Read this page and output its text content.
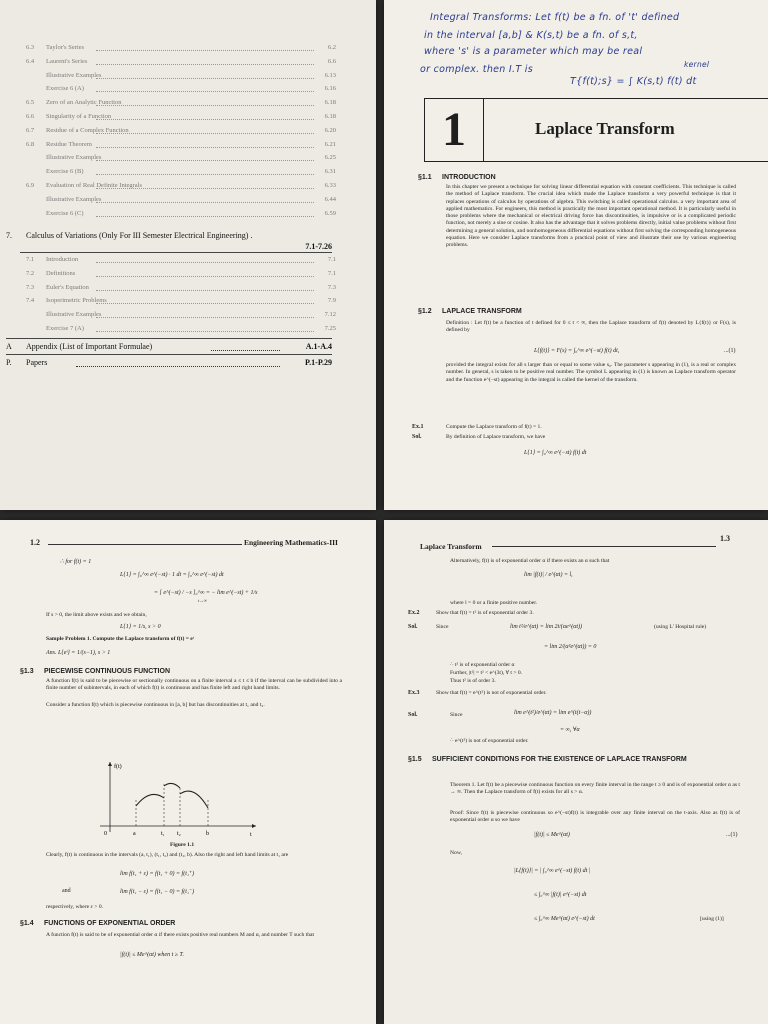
6.3 Taylor's Series	6.2
6.4 Laurent's Series	6.6
Illustrative Examples	6.13
Exercise 6 (A)	6.16
6.5 Zero of an Analytic Function	6.18
6.6 Singularity of a Function	6.18
6.7 Residue of a Complex Function	6.20
6.8 Residue Theorem	6.21
Illustrative Examples	6.25
Exercise 6 (B)	6.31
6.9 Evaluation of Real Definite Integrals	6.33
Illustrative Examples	6.44
Exercise 6 (C)	6.59
7. Calculus of Variations (Only For III Semester Electrical Engineering) .
7.1-7.26
7.1 Introduction	7.1
7.2 Definitions	7.1
7.3 Euler's Equation	7.3
7.4 Isoperimetric Problems	7.9
Illustrative Examples	7.12
Exercise 7 (A)	7.25
A Appendix (List of Important Formulae)	A.1-A.4
P. Papers	P.1-P.29
Integral Transforms: Let f(t) be a fn. of 't' defined
in the interval [a,b] & K(s,t) be a fn. of s,t,
where 's' is a parameter which may be real
or complex. then I.T is	kernel
T{f(t);s} = ∫ K(s,t) f(t) dt
1	Laplace Transform
§1.1 INTRODUCTION
In this chapter we present a technique for solving linear differential equation with constant coefficients. This technique is called the method of Laplace transform. The crucial idea which made the Laplace transform a very powerful technique is that it replaces operations of calculus by operations of algebra. This switching is called operational calculus. a very important area of applied mathematics. For engineers, this method is practically the most important operational method. It is particularly useful in those problems where the mechanical or electrical driving force has discontinuities, is impulsive or is a complicated periodic function, not merely a sine or cosine. It also has the advantage that it solves problems directly, initial value problems without first determining a general solution, and nonhomogeneous differential equations without first solving the corresponding homogeneous equation. Here we consider Laplace transforms from a practical point of view and illustrate their use by various engineering problems.
§1.2 LAPLACE TRANSFORM
Definition : Let f(t) be a function of t defined for 0 ≤ t < ∞, then the Laplace transform of f(t) denoted by L{f(t)} or F(s), is defined by
L{f(t)} = F(s) = ∫₀^∞ e^(−st) f(t) dt,	...(1)
provided the integral exists for all s larger than or equal to some value s₀. The parameter s appearing in (1), is a real or complex number. In general, s is taken to be positive real number. The symbol L appearing in (1) is known as Laplace transform operator and the function e^(−st) appearing in the integral is called the kernel of the transform.
Ex.1	Compute the Laplace transform of f(t) = 1.
Sol.	By definition of Laplace transform, we have
L{1} = ∫₀^∞ e^(−st) f(t) dt
1.2	Engineering Mathematics-III
∴ for f(t) = 1
L{1} = ∫₀^∞ e^(−st) · 1 dt = ∫₀^∞ e^(−st) dt
= [ e^(−st) / −s ]₀^∞ = − lim e^(−st) + 1/s
t→∞
If s > 0, the limit above exists and we obtain,
L{1} = 1/s, s > 0
Sample Problem 1. Compute the Laplace transform of f(t) = eᵗ
Ans. L{eᵗ} = 1/(s−1), s > 1
§1.3 PIECEWISE CONTINUOUS FUNCTION
A function f(t) is said to be piecewise or sectionally continuous on a finite interval a ≤ t ≤ b if the interval can be subdivided into a finite number of subintervals, in each of which f(t) is continuous and has finite left and right hand limits.
Consider a function f(t) which is piecewise continuous in [a, b] but has discontinuities at t₁ and t₂.
f(t)
0	a	t₁ t₂	b	t
Figure 1.1
Clearly, f(t) is continuous in the intervals (a, t₁), (t₁, t₂) and (t₂, b). Also the right and left hand limits at t₁ are
lim f(t₁ + ε) = f(t₁ + 0) = f(t₁⁺)
and	lim f(t₁ − ε) = f(t₁ − 0) = f(t₁⁻)
respectively, where ε > 0.
§1.4 FUNCTIONS OF EXPONENTIAL ORDER
A function f(t) is said to be of exponential order α if there exists positive real numbers M and α, and number T such that
|f(t)| ≤ Me^(αt) when t ≥ T.
Laplace Transform
1.3
Alternatively, f(t) is of exponential order α if there exists an α such that
lim |f(t)| / e^(αt) = l,
where l = 0 or a finite positive number.
Ex.2	Show that f(t) = t² is of exponential order 3.
Sol.	Since	lim t²/e^(αt) = lim 2t/(αe^(αt))	(using L' Hospital rule)
= lim 2/(α²e^(αt)) = 0
∴ t² is of exponential order α
Further, |t²| = t² < e^(3t), ∀ t > 0.
Thus t² is of order 3.
Ex.3	Show that f(t) = e^(t²) is not of exponential order.
Sol.	Since	lim e^(t²)/e^(αt) = lim e^(t(t−α))
= ∞, ∀α
∴ e^(t²) is not of exponential order.
§1.5 SUFFICIENT CONDITIONS FOR THE EXISTENCE OF LAPLACE TRANSFORM
Theorem 1. Let f(t) be a piecewise continuous function on every finite interval in the range t ≥ 0 and is of exponential order α as t → ∞. Then the Laplace transform of f(t) exists for all s > α.
Proof: Since f(t) is piecewise continuous so e^(−st)f(t) is integrable over any finite interval on the t-axis. Also as f(t) is of exponential order α so we have
|f(t)| ≤ Me^(αt)	...(1)
Now,
|L{f(t)}| = | ∫₀^∞ e^(−st) f(t) dt |
≤ ∫₀^∞ |f(t)| e^(−st) dt
≤ ∫₀^∞ Me^(αt) e^(−st) dt	[using (1)]
